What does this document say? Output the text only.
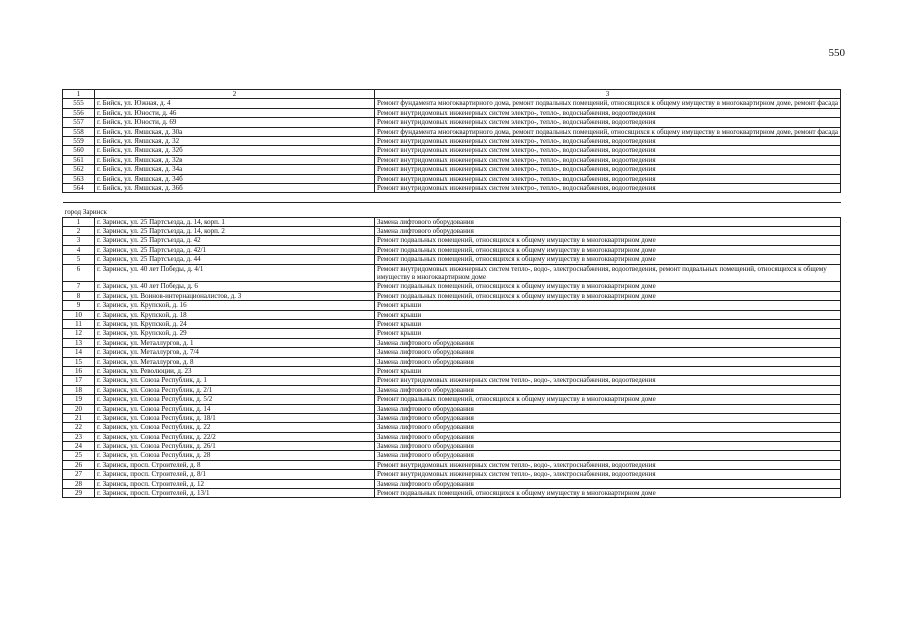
550
1	2	3
555	г. Бийск, ул. Южная, д. 4	Ремонт фундамента многоквартирного дома, ремонт подвальных помещений, относящихся к общему имуществу в многоквартирном доме, ремонт фасада
556	г. Бийск, ул. Юности, д. 46	Ремонт внутридомовых инженерных систем электро-, тепло-, водоснабжения, водоотведения
557	г. Бийск, ул. Юности, д. 69	Ремонт внутридомовых инженерных систем электро-, тепло-, водоснабжения, водоотведения
558	г. Бийск, ул. Ямшская, д. 30а	Ремонт фундамента многоквартирного дома, ремонт подвальных помещений, относящихся к общему имуществу в многоквартирном доме, ремонт фасада
559	г. Бийск, ул. Ямшская, д. 32	Ремонт внутридомовых инженерных систем электро-, тепло-, водоснабжения, водоотведения
560	г. Бийск, ул. Ямшская, д. 32б	Ремонт внутридомовых инженерных систем электро-, тепло-, водоснабжения, водоотведения
561	г. Бийск, ул. Ямшская, д. 32в	Ремонт внутридомовых инженерных систем электро-, тепло-, водоснабжения, водоотведения
562	г. Бийск, ул. Ямшская, д. 34а	Ремонт внутридомовых инженерных систем электро-, тепло-, водоснабжения, водоотведения
563	г. Бийск, ул. Ямшская, д. 34б	Ремонт внутридомовых инженерных систем электро-, тепло-, водоснабжения, водоотведения
564	г. Бийск, ул. Ямшская, д. 36б	Ремонт внутридомовых инженерных систем электро-, тепло-, водоснабжения, водоотведения

город Заринск		
1	г. Заринск, ул. 25 Партсъезда, д. 14, корп. 1	Замена лифтового оборудования
2	г. Заринск, ул. 25 Партсъезда, д. 14, корп. 2	Замена лифтового оборудования
3	г. Заринск, ул. 25 Партсъезда, д. 42	Ремонт подвальных помещений, относящихся к общему имуществу в многоквартирном доме
4	г. Заринск, ул. 25 Партсъезда, д. 42/1	Ремонт подвальных помещений, относящихся к общему имуществу в многоквартирном доме
5	г. Заринск, ул. 25 Партсъезда, д. 44	Ремонт подвальных помещений, относящихся к общему имуществу в многоквартирном доме
6	г. Заринск, ул. 40 лет Победы, д. 4/1	Ремонт внутридомовых инженерных систем тепло-, водо-, электроснабжения, водоотведения, ремонт подвальных помещений, относящихся к общему имуществу в многоквартирном доме
7	г. Заринск, ул. 40 лет Победы, д. 6	Ремонт подвальных помещений, относящихся к общему имуществу в многоквартирном доме
8	г. Заринск, ул. Воинов-интернационалистов, д. 3	Ремонт подвальных помещений, относящихся к общему имуществу в многоквартирном доме
9	г. Заринск, ул. Крупской, д. 16	Ремонт крыши
10	г. Заринск, ул. Крупской, д. 18	Ремонт крыши
11	г. Заринск, ул. Крупской, д. 24	Ремонт крыши
12	г. Заринск, ул. Крупской, д. 29	Ремонт крыши
13	г. Заринск, ул. Металлургов, д. 1	Замена лифтового оборудования
14	г. Заринск, ул. Металлургов, д. 7/4	Замена лифтового оборудования
15	г. Заринск, ул. Металлургов, д. 8	Замена лифтового оборудования
16	г. Заринск, ул. Революции, д. 23	Ремонт крыши
17	г. Заринск, ул. Союза Республик, д. 1	Ремонт внутридомовых инженерных систем тепло-, водо-, электроснабжения, водоотведения
18	г. Заринск, ул. Союза Республик, д. 2/1	Замена лифтового оборудования
19	г. Заринск, ул. Союза Республик, д. 5/2	Ремонт подвальных помещений, относящихся к общему имуществу в многоквартирном доме
20	г. Заринск, ул. Союза Республик, д. 14	Замена лифтового оборудования
21	г. Заринск, ул. Союза Республик, д. 18/1	Замена лифтового оборудования
22	г. Заринск, ул. Союза Республик, д. 22	Замена лифтового оборудования
23	г. Заринск, ул. Союза Республик, д. 22/2	Замена лифтового оборудования
24	г. Заринск, ул. Союза Республик, д. 26/1	Замена лифтового оборудования
25	г. Заринск, ул. Союза Республик, д. 28	Замена лифтового оборудования
26	г. Заринск, просп. Строителей, д. 8	Ремонт внутридомовых инженерных систем тепло-, водо-, электроснабжения, водоотведения
27	г. Заринск, просп. Строителей, д. 8/1	Ремонт внутридомовых инженерных систем тепло-, водо-, электроснабжения, водоотведения
28	г. Заринск, просп. Строителей, д. 12	Замена лифтового оборудования
29	г. Заринск, просп. Строителей, д. 13/1	Ремонт подвальных помещений, относящихся к общему имуществу в многоквартирном доме
